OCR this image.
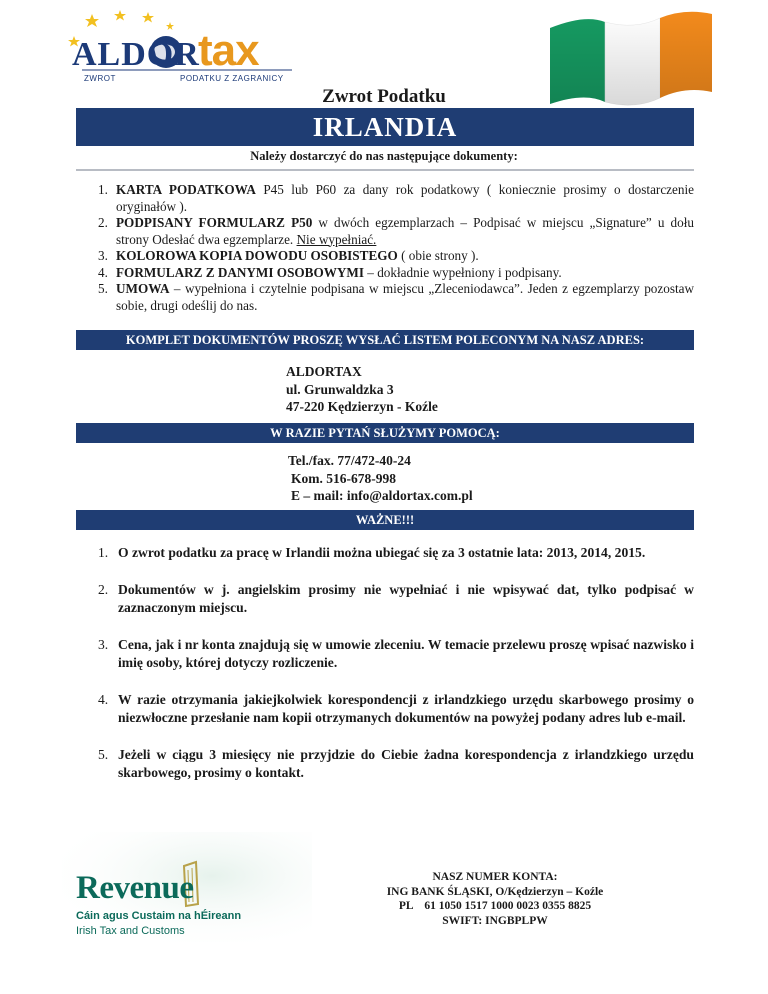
ALDOR
tax
ZWROT	PODATKU Z ZAGRANICY
Zwrot Podatku
IRLANDIA
Należy dostarczyć do nas następujące dokumenty:
1. KARTA PODATKOWA P45 lub P60 za dany rok podatkowy ( koniecznie prosimy o dostarczenie oryginałów ).
2. PODPISANY FORMULARZ P50 w dwóch egzemplarzach – Podpisać w miejscu „Signature” u dołu strony Odesłać dwa egzemplarze. Nie wypełniać.
3. KOLOROWA KOPIA DOWODU OSOBISTEGO ( obie strony ).
4. FORMULARZ Z DANYMI OSOBOWYMI – dokładnie wypełniony i podpisany.
5. UMOWA – wypełniona i czytelnie podpisana w miejscu „Zleceniodawca”. Jeden z egzemplarzy pozostaw sobie, drugi odeślij do nas.
KOMPLET DOKUMENTÓW PROSZĘ WYSŁAĆ LISTEM POLECONYM NA NASZ ADRES:
ALDORTAX
ul. Grunwaldzka 3
47-220 Kędzierzyn - Koźle
W RAZIE PYTAŃ SŁUŻYMY POMOCĄ:
Tel./fax. 77/472-40-24
Kom. 516-678-998
E – mail: info@aldortax.com.pl
WAŻNE!!!
1. O zwrot podatku za pracę w Irlandii można ubiegać się za 3 ostatnie lata: 2013, 2014, 2015.
2. Dokumentów w j. angielskim prosimy nie wypełniać i nie wpisywać dat, tylko podpisać w zaznaczonym miejscu.
3. Cena, jak i nr konta znajdują się w umowie zleceniu. W temacie przelewu proszę wpisać nazwisko i imię osoby, której dotyczy rozliczenie.
4. W razie otrzymania jakiejkolwiek korespondencji z irlandzkiego urzędu skarbowego prosimy o niezwłoczne przesłanie nam kopii otrzymanych dokumentów na powyżej podany adres lub e-mail.
5. Jeżeli w ciągu 3 miesięcy nie przyjdzie do Ciebie żadna korespondencja z irlandzkiego urzędu skarbowego, prosimy o kontakt.
Revenue
Cáin agus Custaim na hÉireann
Irish Tax and Customs
NASZ NUMER KONTA:
ING BANK ŚLĄSKI, O/Kędzierzyn – Koźle
PL    61 1050 1517 1000 0023 0355 8825
SWIFT: INGBPLPW
